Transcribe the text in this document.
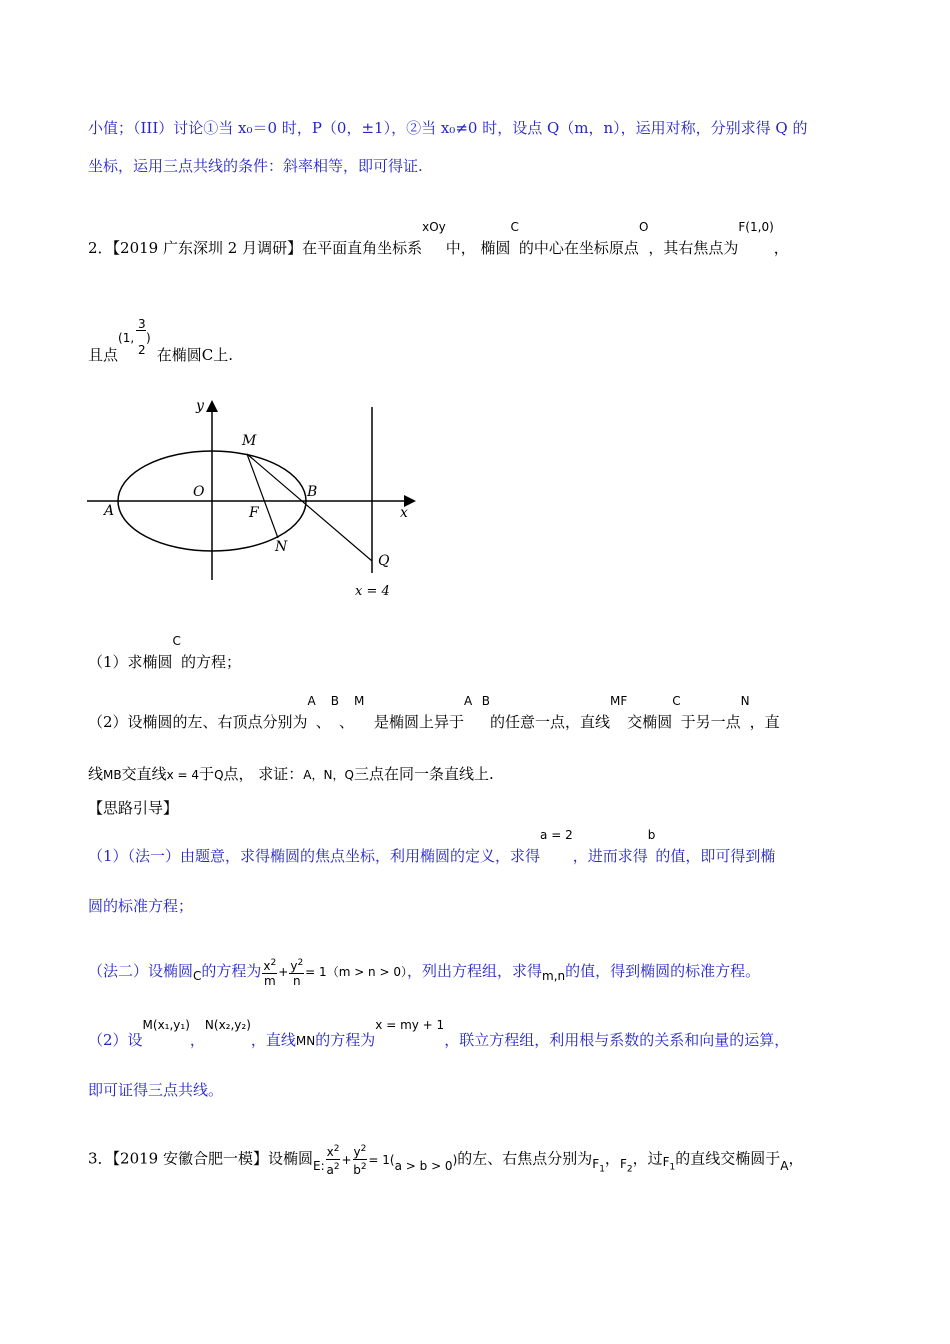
小值；（III）讨论①当 x₀＝0 时，P（0，±1），②当 x₀≠0 时，设点 Q（m，n），运用对称，分别求得 Q 的
坐标，运用三点共线的条件：斜率相等，即可得证.
2．【2019 广东深圳 2 月调研】在平面直角坐标系$^{xOy}$中， 椭圆$^C$的中心在坐标原点$^O$，其右焦点为$^{F(1,0)}$，
且点
(1,
3
2
)
在椭圆C上.
y
x
O
M
B
A	F
N
Q
x = 4
（1）求椭圆$^C$的方程；
（2）设椭圆的左、右顶点分别为$^A$、$^B$、$^M$  是椭圆上异于$^A$ $^B$的任意一点，直线$^{MF}$交椭圆$^C$于另一点$^N$，直
线MB交直线x = 4于Q点， 求证：A，N，Q三点在同一条直线上.
【思路引导】
（1）（法一）由题意，求得椭圆的焦点坐标，利用椭圆的定义，求得$^{a = 2}$，进而求得$^b$的值，即可得到椭
圆的标准方程；
（法二）设椭圆$_C$的方程为 $\frac{x^2}{m} + \frac{y^2}{n} = 1(m > n > 0)$，列出方程组，求得$_{m,n}$的值，得到椭圆的标准方程。
（2）设$^{M(x_1,y_1)}$，$^{N(x_2,y_2)}$，直线MN的方程为$^{x = my + 1}$，联立方程组，利用根与系数的关系和向量的运算，
即可证得三点共线。
3．【2019 安徽合肥一模】设椭圆$_{E:} \frac{x^2}{a^2} + \frac{y^2}{b^2} = 1(_{a > b > 0})$的左、右焦点分别为$_{F_1}$，$_{F_2}$，过$F_1$的直线交椭圆于$_A$，
